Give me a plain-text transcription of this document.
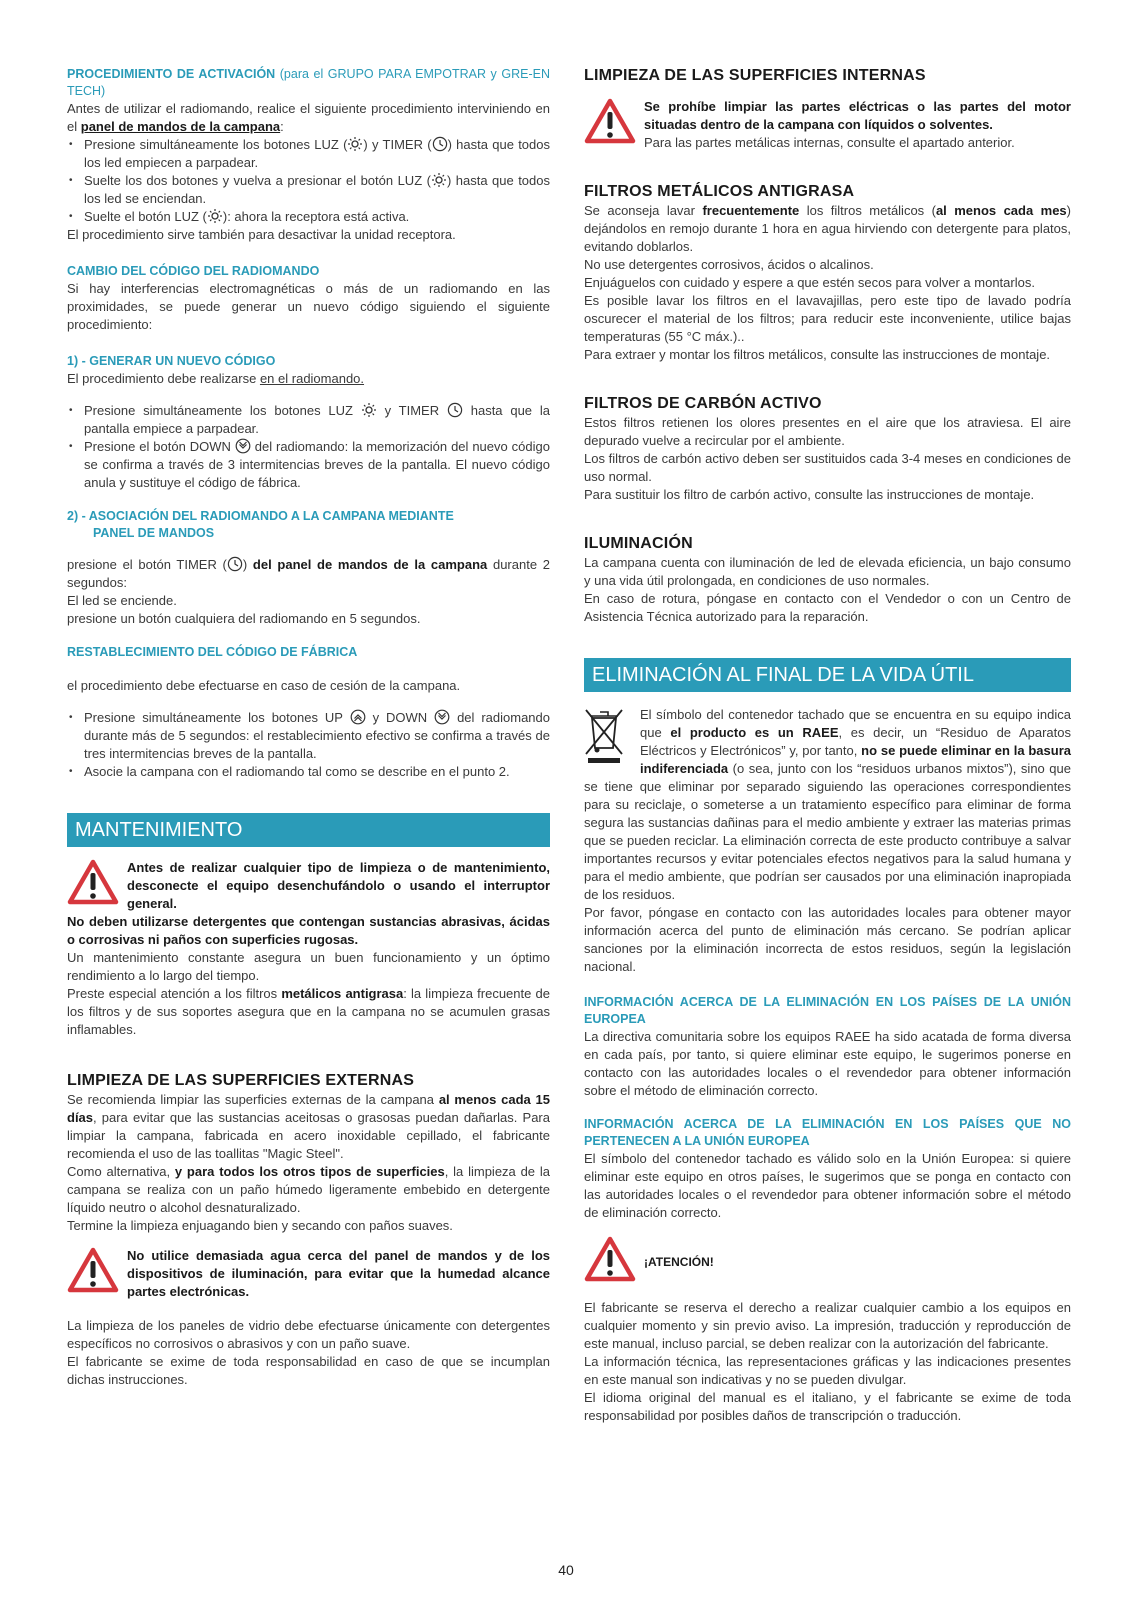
PROCEDIMIENTO DE ACTIVACIÓN (para el GRUPO PARA EMPOTRAR y GRE-EN TECH)

Antes de utilizar el radiomando, realice el siguiente procedimiento interviniendo en el panel de mandos de la campana:

• Presione simultáneamente los botones LUZ ( ) y TIMER ( ) hasta que todos los led empiecen a parpadear.
• Suelte los dos botones y vuelva a presionar el botón LUZ ( ) hasta que todos los led se enciendan.
• Suelte el botón LUZ ( ): ahora la receptora está activa.

El procedimiento sirve también para desactivar la unidad receptora.

CAMBIO DEL CÓDIGO DEL RADIOMANDO

Si hay interferencias electromagnéticas o más de un radiomando en las proximidades, se puede generar un nuevo código siguiendo el siguiente procedimiento:

1) - GENERAR UN NUEVO CÓDIGO

El procedimiento debe realizarse en el radiomando.

• Presione simultáneamente los botones LUZ y TIMER hasta que la pantalla empiece a parpadear.
• Presione el botón DOWN del radiomando: la memorización del nuevo código se confirma a través de 3 intermitencias breves de la pantalla. El nuevo código anula y sustituye el código de fábrica.

2) - ASOCIACIÓN DEL RADIOMANDO A LA CAMPANA MEDIANTE
PANEL DE MANDOS

presione el botón TIMER ( ) del panel de mandos de la campana durante 2 segundos:

El led se enciende.

presione un botón cualquiera del radiomando en 5 segundos.

RESTABLECIMIENTO DEL CÓDIGO DE FÁBRICA

el procedimiento debe efectuarse en caso de cesión de la campana.

• Presione simultáneamente los botones UP y DOWN del radiomando durante más de 5 segundos: el restablecimiento efectivo se confirma a través de tres intermitencias breves de la pantalla.
• Asocie la campana con el radiomando tal como se describe en el punto 2.
MANTENIMIENTO

Antes de realizar cualquier tipo de limpieza o de mantenimiento, desconecte el equipo desenchufándolo o usando el interruptor general.

No deben utilizarse detergentes que contengan sustancias abrasivas, ácidas o corrosivas ni paños con superficies rugosas.

Un mantenimiento constante asegura un buen funcionamiento y un óptimo rendimiento a lo largo del tiempo.

Preste especial atención a los filtros metálicos antigrasa: la limpieza frecuente de los filtros y de sus soportes asegura que en la campana no se acumulen grasas inflamables.

LIMPIEZA DE LAS SUPERFICIES EXTERNAS

Se recomienda limpiar las superficies externas de la campana al menos cada 15 días, para evitar que las sustancias aceitosas o grasosas puedan dañarlas. Para limpiar la campana, fabricada en acero inoxidable cepillado, el fabricante recomienda el uso de las toallitas "Magic Steel".

Como alternativa, y para todos los otros tipos de superficies, la limpieza de la campana se realiza con un paño húmedo ligeramente embebido en detergente líquido neutro o alcohol desnaturalizado.

Termine la limpieza enjuagando bien y secando con paños suaves.

No utilice demasiada agua cerca del panel de mandos y de los dispositivos de iluminación, para evitar que la humedad alcance partes electrónicas.

La limpieza de los paneles de vidrio debe efectuarse únicamente con detergentes específicos no corrosivos o abrasivos y con un paño suave.

El fabricante se exime de toda responsabilidad en caso de que se incumplan dichas instrucciones.

LIMPIEZA DE LAS SUPERFICIES INTERNAS

Se prohíbe limpiar las partes eléctricas o las partes del motor situadas dentro de la campana con líquidos o solventes.

Para las partes metálicas internas, consulte el apartado anterior.

FILTROS METÁLICOS ANTIGRASA

Se aconseja lavar frecuentemente los filtros metálicos (al menos cada mes) dejándolos en remojo durante 1 hora en agua hirviendo con detergente para platos, evitando doblarlos.

No use detergentes corrosivos, ácidos o alcalinos.

Enjuáguelos con cuidado y espere a que estén secos para volver a montarlos.

Es posible lavar los filtros en el lavavajillas, pero este tipo de lavado podría oscurecer el material de los filtros; para reducir este inconveniente, utilice bajas temperaturas (55 °C máx.)..

Para extraer y montar los filtros metálicos, consulte las instrucciones de montaje.

FILTROS DE CARBÓN ACTIVO

Estos filtros retienen los olores presentes en el aire que los atraviesa. El aire depurado vuelve a recircular por el ambiente.

Los filtros de carbón activo deben ser sustituidos cada 3-4 meses en condiciones de uso normal.

Para sustituir los filtro de carbón activo, consulte las instrucciones de montaje.

ILUMINACIÓN

La campana cuenta con iluminación de led de elevada eficiencia, un bajo consumo y una vida útil prolongada, en condiciones de uso normales.

En caso de rotura, póngase en contacto con el Vendedor o con un Centro de Asistencia Técnica autorizado para la reparación.

ELIMINACIÓN AL FINAL DE LA VIDA ÚTIL

El símbolo del contenedor tachado que se encuentra en su equipo indica que el producto es un RAEE, es decir, un “Residuo de Aparatos Eléctricos y Electrónicos” y, por tanto, no se puede eliminar en la basura indiferenciada (o sea, junto con los “residuos urbanos mixtos”), sino que se tiene que eliminar por separado siguiendo las operaciones correspondientes para su reciclaje, o someterse a un tratamiento específico para eliminar de forma segura las sustancias dañinas para el medio ambiente y extraer las materias primas que se pueden reciclar. La eliminación correcta de este producto contribuye a salvar importantes recursos y evitar potenciales efectos negativos para la salud humana y para el medio ambiente, que podrían ser causados por una eliminación inapropiada de los residuos.

Por favor, póngase en contacto con las autoridades locales para obtener mayor información acerca del punto de eliminación más cercano. Se podrían aplicar sanciones por la eliminación incorrecta de estos residuos, según la legislación nacional.

INFORMACIÓN ACERCA DE LA ELIMINACIÓN EN LOS PAÍSES DE LA UNIÓN EUROPEA

La directiva comunitaria sobre los equipos RAEE ha sido acatada de forma diversa en cada país, por tanto, si quiere eliminar este equipo, le sugerimos ponerse en contacto con las autoridades locales o el revendedor para obtener información sobre el método de eliminación correcto.

INFORMACIÓN ACERCA DE LA ELIMINACIÓN EN LOS PAÍSES QUE NO PERTENECEN A LA UNIÓN EUROPEA

El símbolo del contenedor tachado es válido solo en la Unión Europea: si quiere eliminar este equipo en otros países, le sugerimos que se ponga en contacto con las autoridades locales o el revendedor para obtener información sobre el método de eliminación correcto.

¡ATENCIÓN!

El fabricante se reserva el derecho a realizar cualquier cambio a los equipos en cualquier momento y sin previo aviso. La impresión, traducción y reproducción de este manual, incluso parcial, se deben realizar con la autorización del fabricante.

La información técnica, las representaciones gráficas y las indicaciones presentes en este manual son indicativas y no se pueden divulgar.

El idioma original del manual es el italiano, y el fabricante se exime de toda responsabilidad por posibles daños de transcripción o traducción.

40
